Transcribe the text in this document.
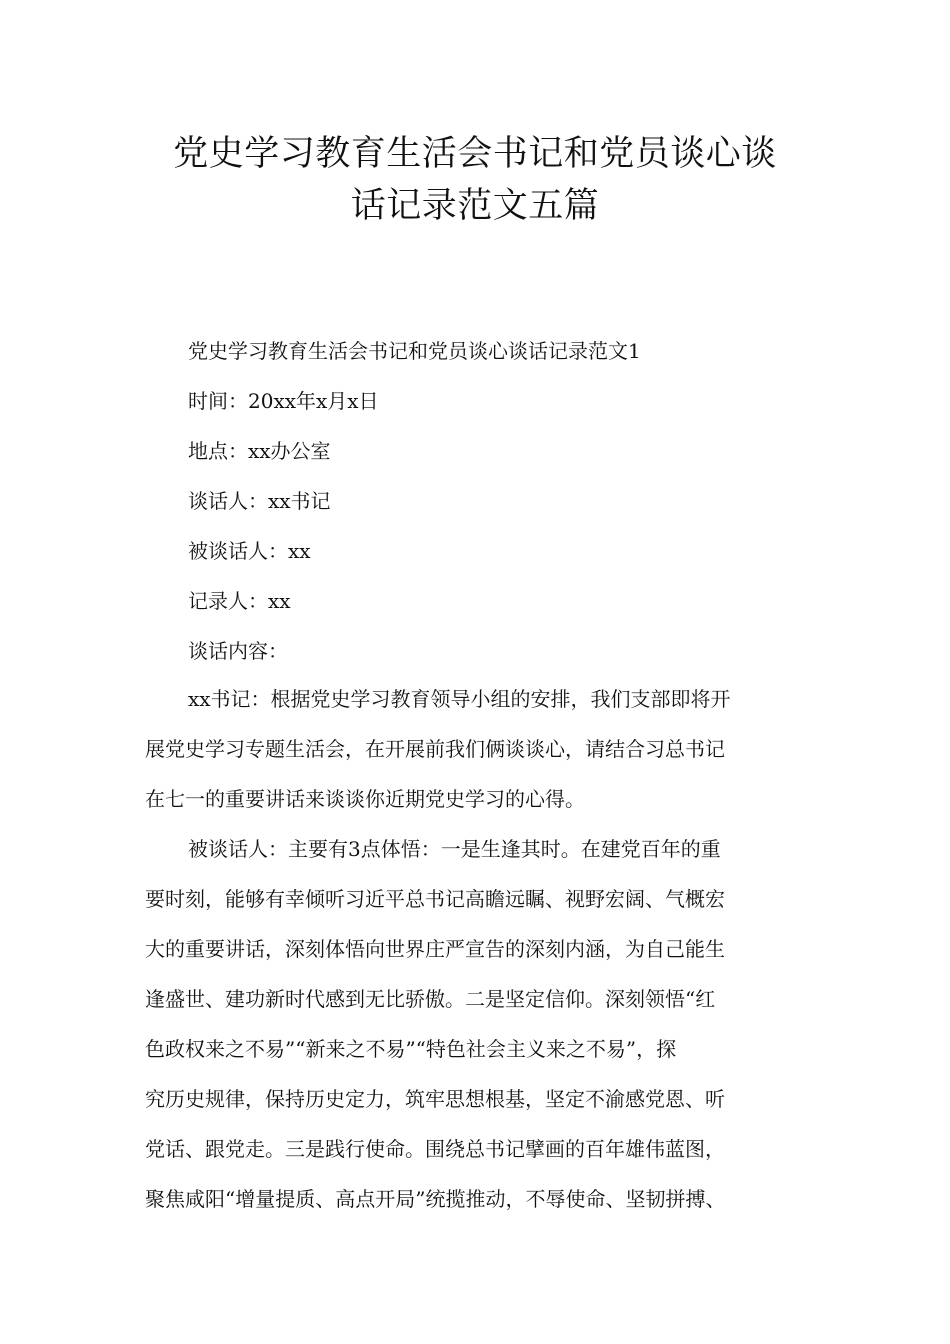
党史学习教育生活会书记和党员谈心谈
话记录范文五篇

党史学习教育生活会书记和党员谈心谈话记录范文1

时间：20xx年x月x日

地点：xx办公室

谈话人：xx书记

被谈话人：xx

记录人：xx

谈话内容：

xx书记：根据党史学习教育领导小组的安排，我们支部即将开
展党史学习专题生活会，在开展前我们俩谈谈心，请结合习总书记
在七一的重要讲话来谈谈你近期党史学习的心得。
被谈话人：主要有3点体悟：一是生逢其时。在建党百年的重
要时刻，能够有幸倾听习近平总书记高瞻远瞩、视野宏阔、气概宏
大的重要讲话，深刻体悟向世界庄严宣告的深刻内涵，为自己能生
逢盛世、建功新时代感到无比骄傲。二是坚定信仰。深刻领悟“红
色政权来之不易”“新来之不易”“特色社会主义来之不易”，探
究历史规律，保持历史定力，筑牢思想根基，坚定不渝感党恩、听
党话、跟党走。三是践行使命。围绕总书记擘画的百年雄伟蓝图，
聚焦咸阳“增量提质、高点开局”统揽推动，不辱使命、坚韧拼搏、
